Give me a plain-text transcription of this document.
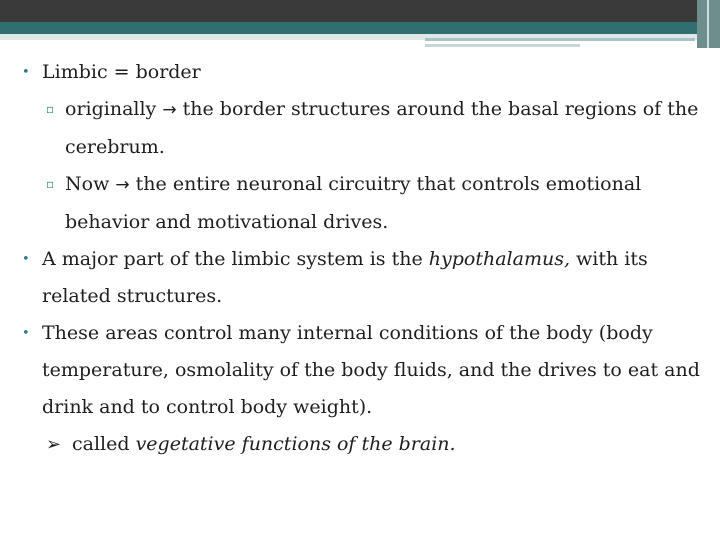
• Limbic = border
▫ originally → the border structures around the basal regions of the cerebrum.
▫ Now → the entire neuronal circuitry that controls emotional behavior and motivational drives.
• A major part of the limbic system is the hypothalamus, with its related structures.
• These areas control many internal conditions of the body (body temperature, osmolality of the body fluids, and the drives to eat and drink and to control body weight).
➢ called vegetative functions of the brain.
